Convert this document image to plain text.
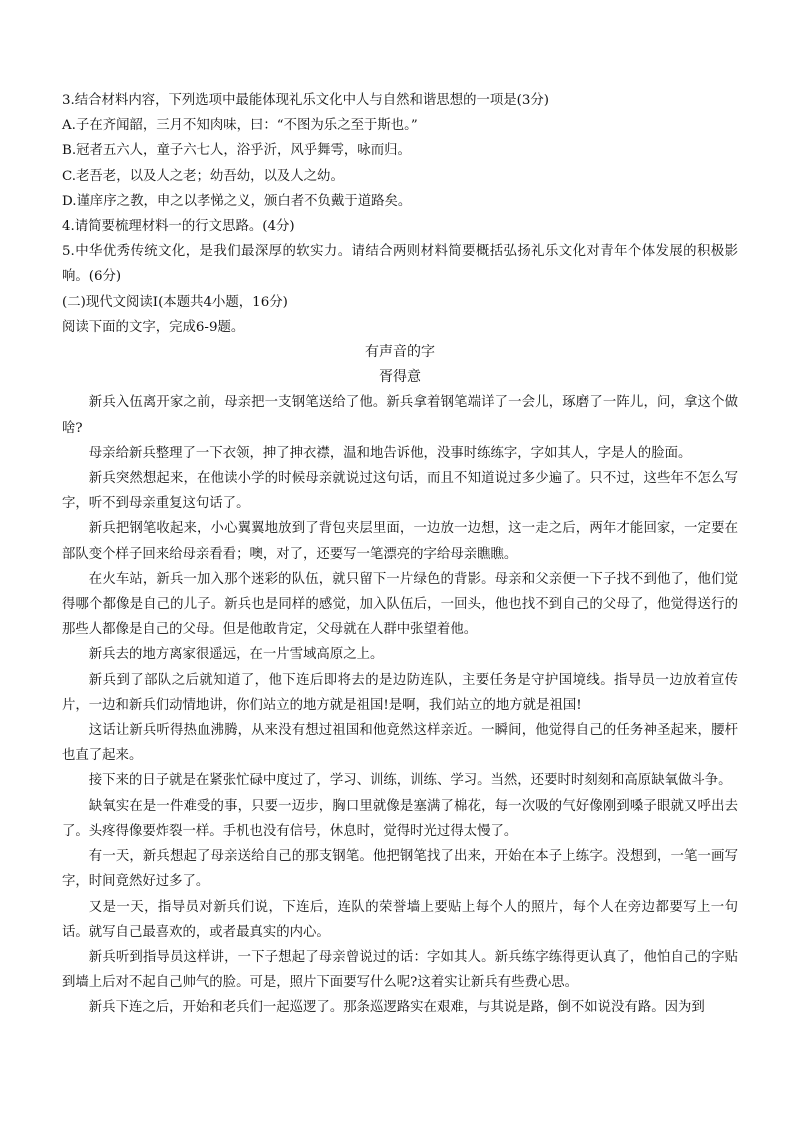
3.结合材料内容，下列选项中最能体现礼乐文化中人与自然和谐思想的一项是(3分)

A.子在齐闻韶，三月不知肉味，曰：“不图为乐之至于斯也。”

B.冠者五六人，童子六七人，浴乎沂，风乎舞雩，咏而归。

C.老吾老，以及人之老；幼吾幼，以及人之幼。

D.谨庠序之教，申之以孝悌之义，颁白者不负戴于道路矣。

4.请简要梳理材料一的行文思路。(4分)

5.中华优秀传统文化，是我们最深厚的软实力。请结合两则材料简要概括弘扬礼乐文化对青年个体发展的积极影响。(6分)

(二)现代文阅读Ⅰ(本题共4小题，16分)

阅读下面的文字，完成6-9题。

有声音的字

胥得意

新兵入伍离开家之前，母亲把一支钢笔送给了他。新兵拿着钢笔端详了一会儿，琢磨了一阵儿，问，拿这个做啥?

母亲给新兵整理了一下衣领，抻了抻衣襟，温和地告诉他，没事时练练字，字如其人，字是人的脸面。

新兵突然想起来，在他读小学的时候母亲就说过这句话，而且不知道说过多少遍了。只不过，这些年不怎么写字，听不到母亲重复这句话了。

新兵把钢笔收起来，小心翼翼地放到了背包夹层里面，一边放一边想，这一走之后，两年才能回家，一定要在部队变个样子回来给母亲看看；噢，对了，还要写一笔漂亮的字给母亲瞧瞧。

在火车站，新兵一加入那个迷彩的队伍，就只留下一片绿色的背影。母亲和父亲便一下子找不到他了，他们觉得哪个都像是自己的儿子。新兵也是同样的感觉，加入队伍后，一回头，他也找不到自己的父母了，他觉得送行的那些人都像是自己的父母。但是他敢肯定，父母就在人群中张望着他。

新兵去的地方离家很遥远，在一片雪域高原之上。

新兵到了部队之后就知道了，他下连后即将去的是边防连队，主要任务是守护国境线。指导员一边放着宣传片，一边和新兵们动情地讲，你们站立的地方就是祖国!是啊，我们站立的地方就是祖国!

这话让新兵听得热血沸腾，从来没有想过祖国和他竟然这样亲近。一瞬间，他觉得自己的任务神圣起来，腰杆也直了起来。

接下来的日子就是在紧张忙碌中度过了，学习、训练，训练、学习。当然，还要时时刻刻和高原缺氧做斗争。

缺氧实在是一件难受的事，只要一迈步，胸口里就像是塞满了棉花，每一次吸的气好像刚到嗓子眼就又呼出去了。头疼得像要炸裂一样。手机也没有信号，休息时，觉得时光过得太慢了。

有一天，新兵想起了母亲送给自己的那支钢笔。他把钢笔找了出来，开始在本子上练字。没想到，一笔一画写字，时间竟然好过多了。

又是一天，指导员对新兵们说，下连后，连队的荣誉墙上要贴上每个人的照片，每个人在旁边都要写上一句话。就写自己最喜欢的，或者最真实的内心。

新兵听到指导员这样讲，一下子想起了母亲曾说过的话：字如其人。新兵练字练得更认真了，他怕自己的字贴到墙上后对不起自己帅气的脸。可是，照片下面要写什么呢?这着实让新兵有些费心思。

新兵下连之后，开始和老兵们一起巡逻了。那条巡逻路实在艰难，与其说是路，倒不如说没有路。因为到
